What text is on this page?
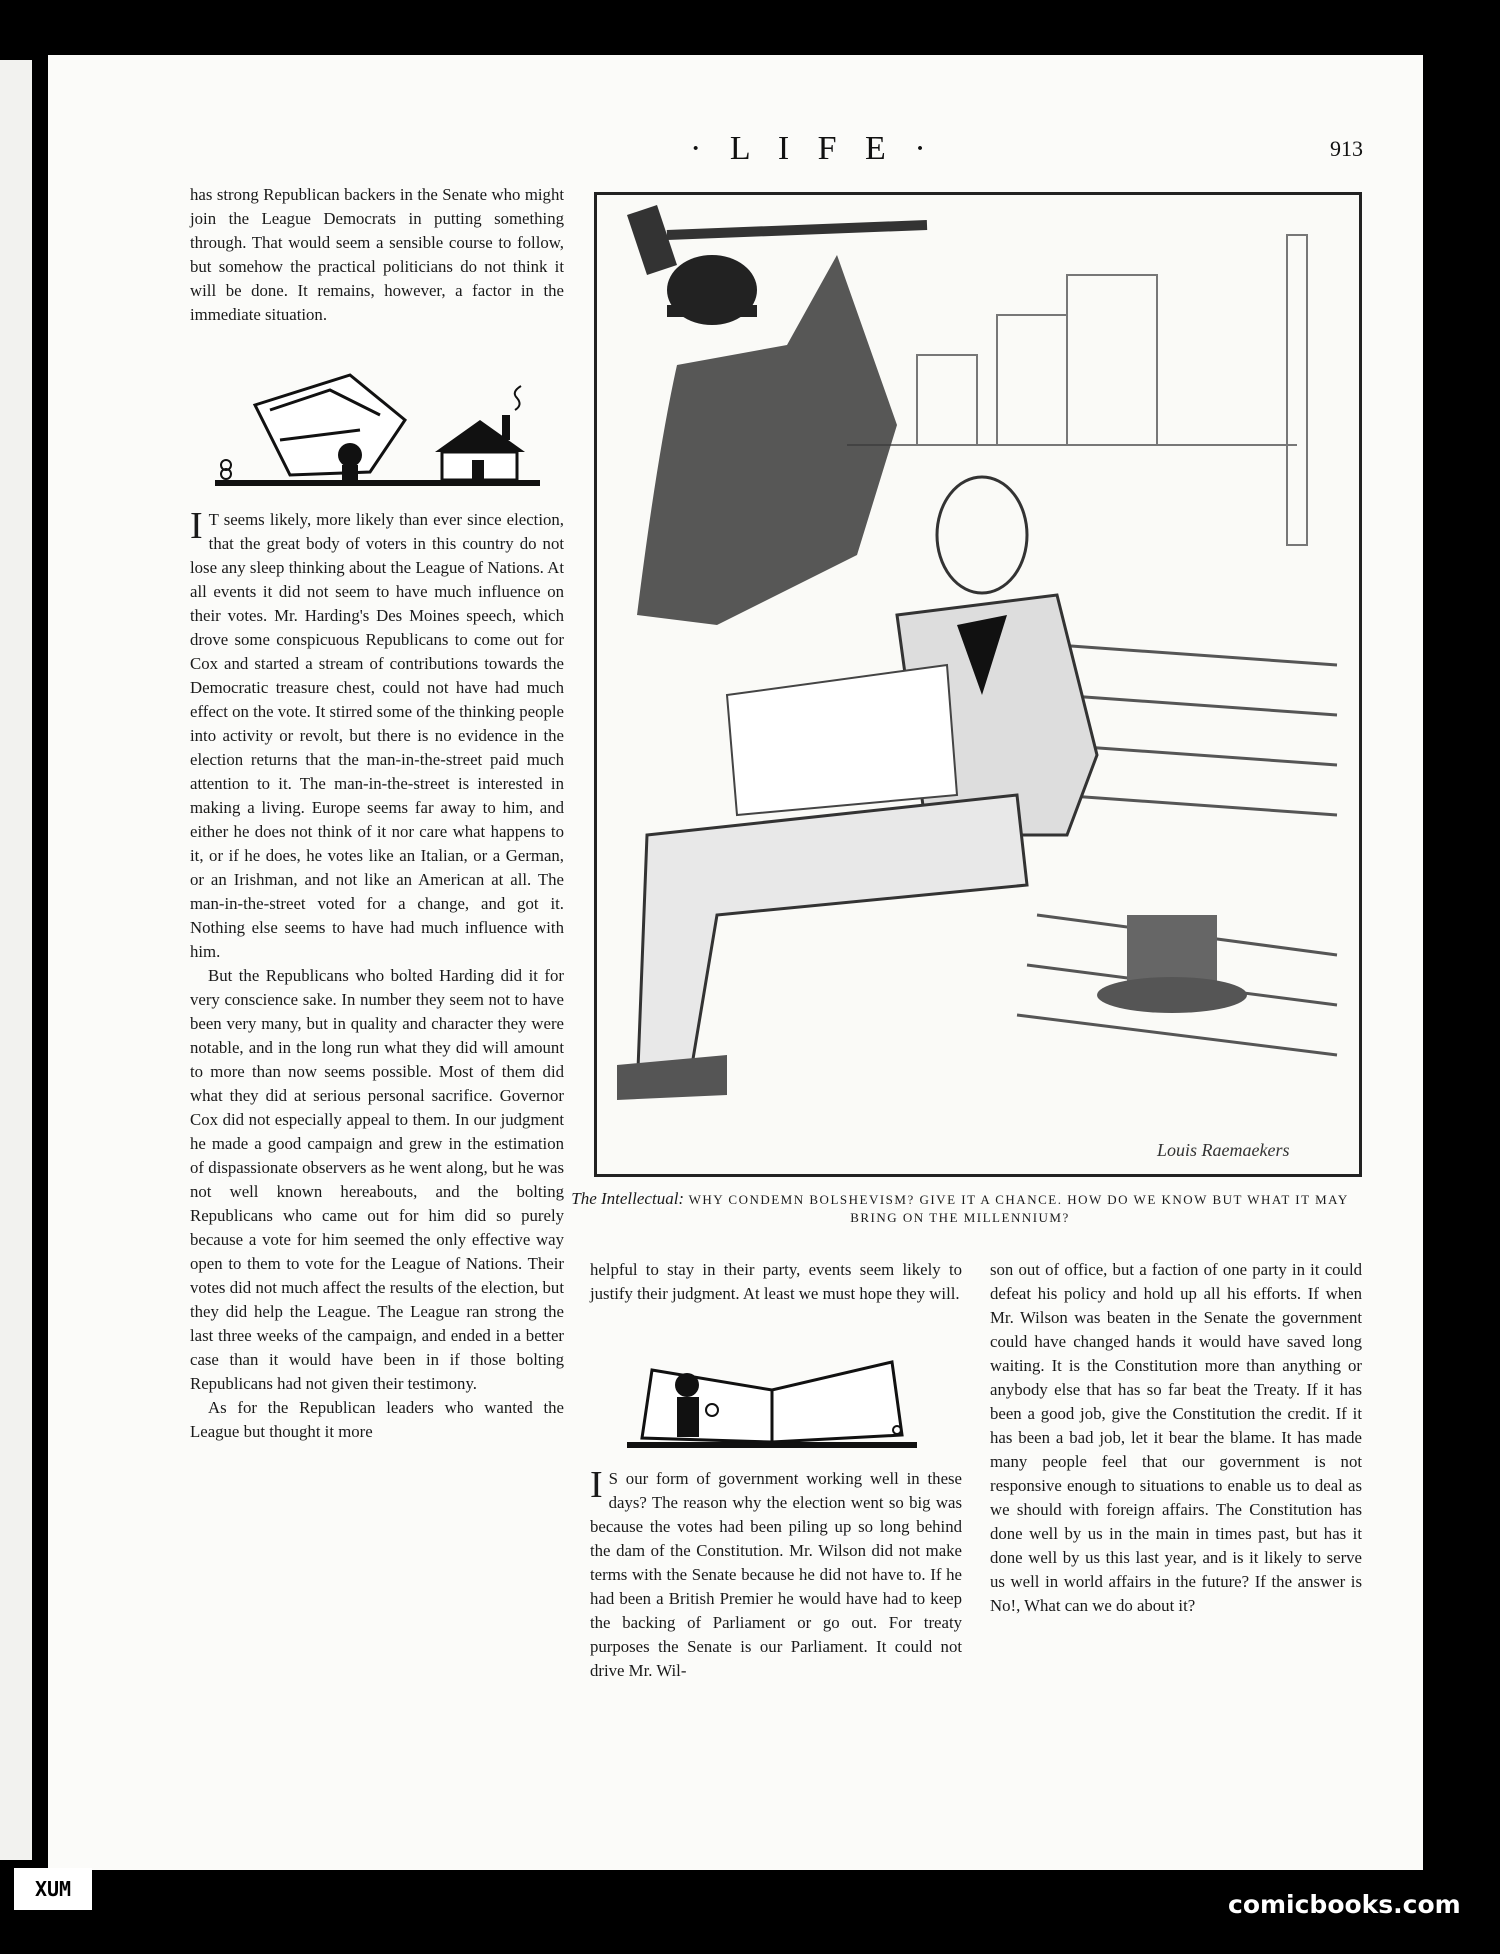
· L I F E ·	913

has strong Republican backers in the Senate who might join the League Democrats in putting something through. That would seem a sensible course to follow, but somehow the practical politicians do not think it will be done. It remains, however, a factor in the immediate situation.

I T seems likely, more likely than ever since election, that the great body of voters in this country do not lose any sleep thinking about the League of Nations. At all events it did not seem to have much influence on their votes. Mr. Harding's Des Moines speech, which drove some conspicuous Republicans to come out for Cox and started a stream of contributions towards the Democratic treasure chest, could not have had much effect on the vote. It stirred some of the thinking people into activity or revolt, but there is no evidence in the election returns that the man-in-the-street paid much attention to it. The man-in-the-street is interested in making a living. Europe seems far away to him, and either he does not think of it nor care what happens to it, or if he does, he votes like an Italian, or a German, or an Irishman, and not like an American at all. The man-in-the-street voted for a change, and got it. Nothing else seems to have had much influence with him.

But the Republicans who bolted Harding did it for very conscience sake. In number they seem not to have been very many, but in quality and character they were notable, and in the long run what they did will amount to more than now seems possible. Most of them did what they did at serious personal sacrifice. Governor Cox did not especially appeal to them. In our judgment he made a good campaign and grew in the estimation of dispassionate observers as he went along, but he was not well known hereabouts, and the bolting Republicans who came out for him did so purely because a vote for him seemed the only effective way open to them to vote for the League of Nations. Their votes did not much affect the results of the election, but they did help the League. The League ran strong the last three weeks of the campaign, and ended in a better case than it would have been in if those bolting Republicans had not given their testimony.

As for the Republican leaders who wanted the League but thought it more

Louis Raemaekers
The Intellectual: WHY CONDEMN BOLSHEVISM? GIVE IT A CHANCE. HOW DO WE KNOW BUT WHAT IT MAY BRING ON THE MILLENNIUM?

helpful to stay in their party, events seem likely to justify their judgment. At least we must hope they will.

I S our form of government working well in these days? The reason why the election went so big was because the votes had been piling up so long behind the dam of the Constitution. Mr. Wilson did not make terms with the Senate because he did not have to. If he had been a British Premier he would have had to keep the backing of Parliament or go out. For treaty purposes the Senate is our Parliament. It could not drive Mr. Wil-

son out of office, but a faction of one party in it could defeat his policy and hold up all his efforts. If when Mr. Wilson was beaten in the Senate the government could have changed hands it would have saved long waiting. It is the Constitution more than anything or anybody else that has so far beat the Treaty. If it has been a good job, give the Constitution the credit. If it has been a bad job, let it bear the blame. It has made many people feel that our government is not responsive enough to situations to enable us to deal as we should with foreign affairs. The Constitution has done well by us in the main in times past, but has it done well by us this last year, and is it likely to serve us well in world affairs in the future? If the answer is No!, What can we do about it?

XUM
comicbooks.com
